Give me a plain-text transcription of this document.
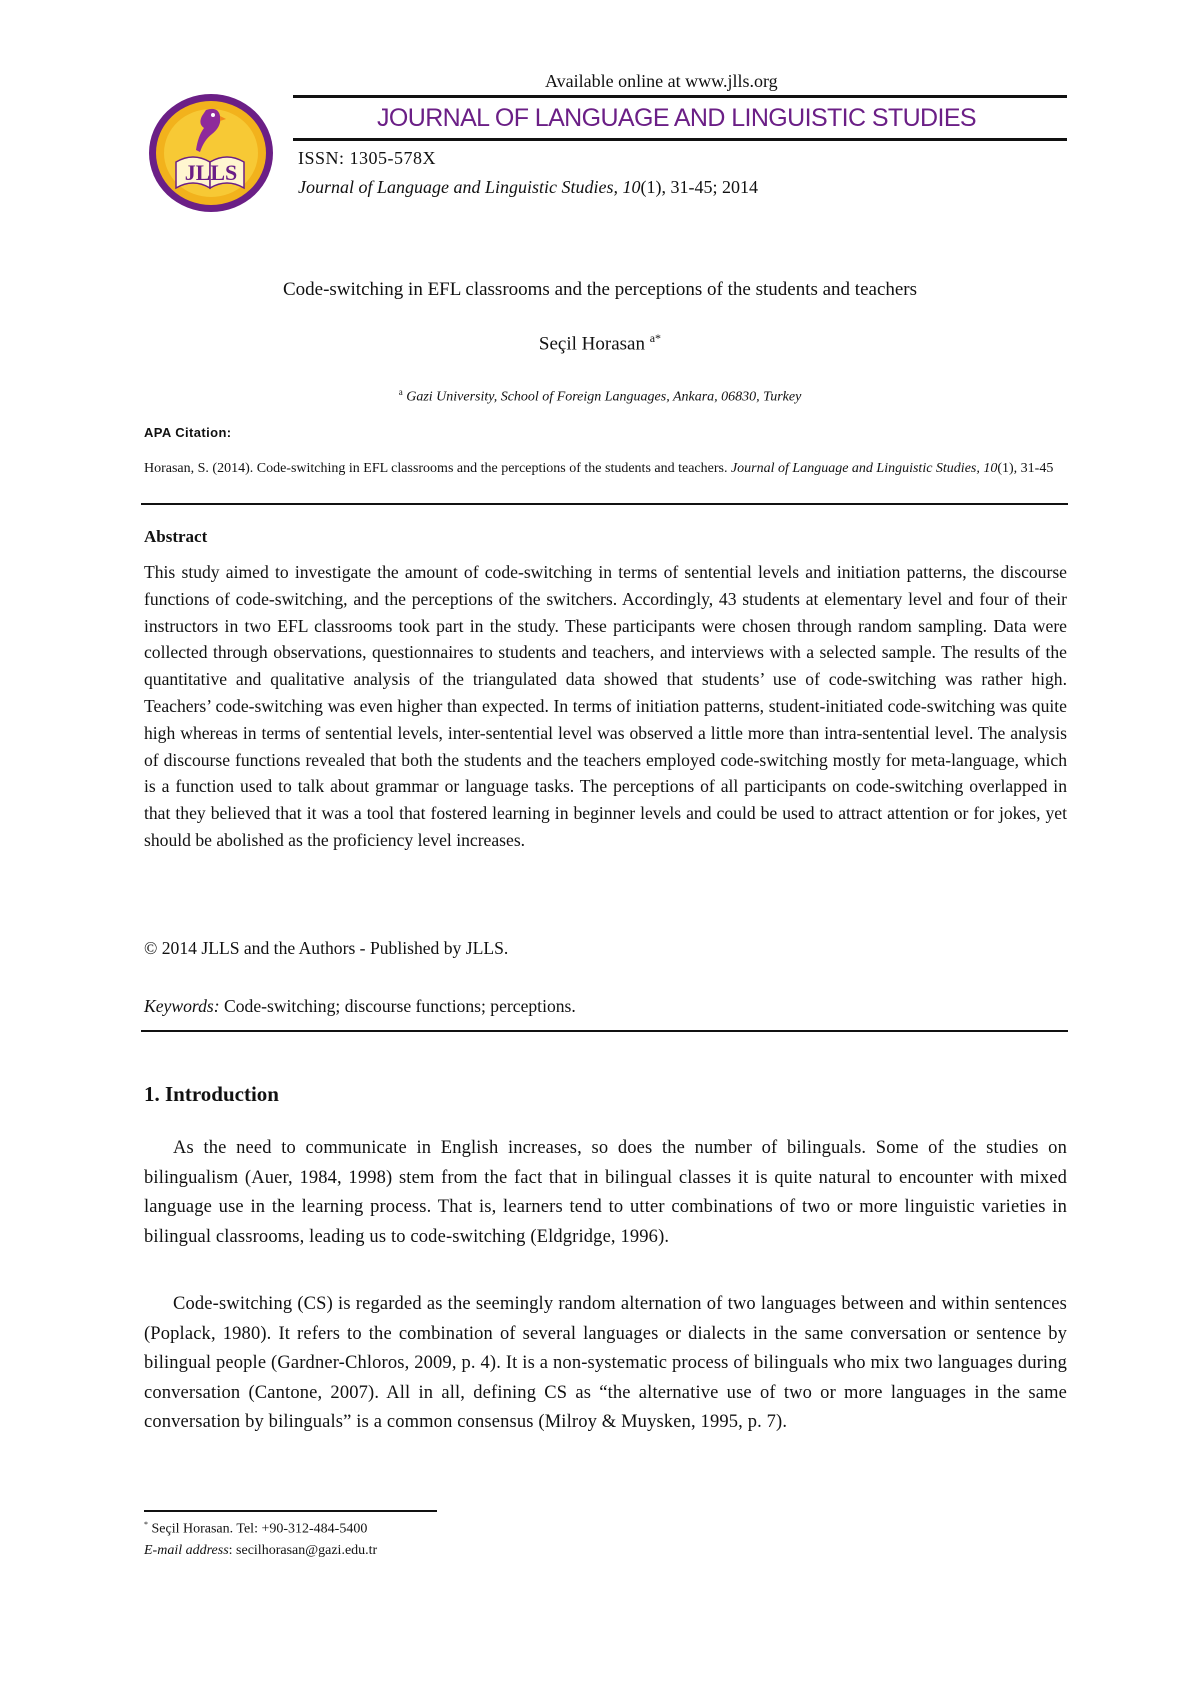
Available online at www.jlls.org
JOURNAL OF LANGUAGE AND LINGUISTIC STUDIES
ISSN: 1305-578X
Journal of Language and Linguistic Studies, 10(1), 31-45; 2014
JLLS
Code-switching in EFL classrooms and the perceptions of the students and teachers
Seçil Horasan $^{a*}$
$^a$ Gazi University, School of Foreign Languages, Ankara, 06830, Turkey
APA Citation:
Horasan, S. (2014). Code-switching in EFL classrooms and the perceptions of the students and teachers. Journal of Language and Linguistic Studies, 10(1), 31-45
Abstract
This study aimed to investigate the amount of code-switching in terms of sentential levels and initiation patterns, the discourse functions of code-switching, and the perceptions of the switchers. Accordingly, 43 students at elementary level and four of their instructors in two EFL classrooms took part in the study. These participants were chosen through random sampling. Data were collected through observations, questionnaires to students and teachers, and interviews with a selected sample. The results of the quantitative and qualitative analysis of the triangulated data showed that students’ use of code-switching was rather high. Teachers’ code-switching was even higher than expected. In terms of initiation patterns, student-initiated code-switching was quite high whereas in terms of sentential levels, inter-sentential level was observed a little more than intra-sentential level. The analysis of discourse functions revealed that both the students and the teachers employed code-switching mostly for meta-language, which is a function used to talk about grammar or language tasks. The perceptions of all participants on code-switching overlapped in that they believed that it was a tool that fostered learning in beginner levels and could be used to attract attention or for jokes, yet should be abolished as the proficiency level increases.
© 2014 JLLS and the Authors - Published by JLLS.
Keywords: Code-switching; discourse functions; perceptions.
1. Introduction
As the need to communicate in English increases, so does the number of bilinguals. Some of the studies on bilingualism (Auer, 1984, 1998) stem from the fact that in bilingual classes it is quite natural to encounter with mixed language use in the learning process. That is, learners tend to utter combinations of two or more linguistic varieties in bilingual classrooms, leading us to code-switching (Eldgridge, 1996).
Code-switching (CS) is regarded as the seemingly random alternation of two languages between and within sentences (Poplack, 1980). It refers to the combination of several languages or dialects in the same conversation or sentence by bilingual people (Gardner-Chloros, 2009, p. 4). It is a non-systematic process of bilinguals who mix two languages during conversation (Cantone, 2007). All in all, defining CS as “the alternative use of two or more languages in the same conversation by bilinguals” is a common consensus (Milroy & Muysken, 1995, p. 7).
* Seçil Horasan. Tel: +90-312-484-5400
E-mail address: secilhorasan@gazi.edu.tr
